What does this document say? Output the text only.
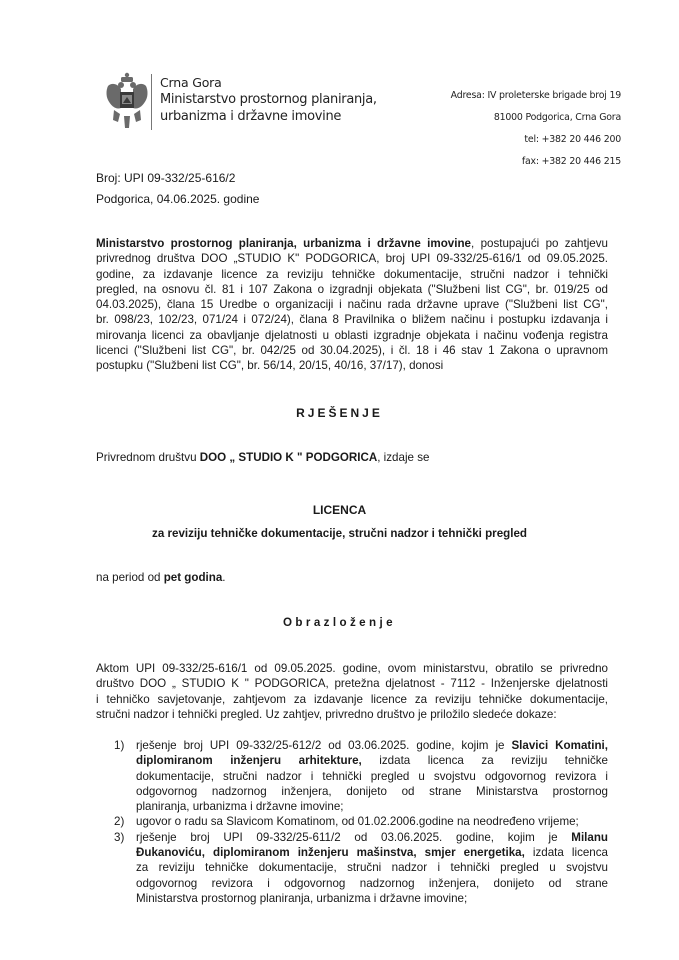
Crna Gora
Ministarstvo prostornog planiranja,
urbanizma i državne imovine
Adresa: IV proleterske brigade broj 19
81000 Podgorica, Crna Gora
tel: +382 20 446 200
fax: +382 20 446 215
Broj: UPI 09-332/25-616/2
Podgorica, 04.06.2025. godine
Ministarstvo prostornog planiranja, urbanizma i državne imovine, postupajući po zahtjevu
privrednog društva DOO „STUDIO K" PODGORICA, broj UPI 09-332/25-616/1 od 09.05.2025.
godine, za izdavanje licence za reviziju tehničke dokumentacije, stručni nadzor i tehnički
pregled, na osnovu čl. 81 i 107 Zakona o izgradnji objekata ("Službeni list CG", br. 019/25 od
04.03.2025), člana 15 Uredbe o organizaciji i načinu rada državne uprave ("Službeni list CG",
br. 098/23, 102/23, 071/24 i 072/24), člana 8 Pravilnika o bližem načinu i postupku izdavanja i
mirovanja licenci za obavljanje djelatnosti u oblasti izgradnje objekata i načinu vođenja registra
licenci ("Službeni list CG", br. 042/25 od 30.04.2025), i čl. 18 i 46 stav 1 Zakona o upravnom
postupku ("Službeni list CG", br. 56/14, 20/15, 40/16, 37/17), donosi
RJEŠENJE
Privrednom društvu DOO „ STUDIO K " PODGORICA, izdaje se
LICENCA
za reviziju tehničke dokumentacije, stručni nadzor i tehnički pregled
na period od pet godina.
Obrazloženje
Aktom UPI 09-332/25-616/1 od 09.05.2025. godine, ovom ministarstvu, obratilo se privredno
društvo DOO „ STUDIO K " PODGORICA, pretežna djelatnost - 7112 - Inženjerske djelatnosti
i tehničko savjetovanje, zahtjevom za izdavanje licence za reviziju tehničke dokumentacije,
stručni nadzor i tehnički pregled. Uz zahtjev, privredno društvo je priložilo sledeće dokaze:
1) rješenje broj UPI 09-332/25-612/2 od 03.06.2025. godine, kojim je Slavici Komatini,
diplomiranom inženjeru arhitekture, izdata licenca za reviziju tehničke
dokumentacije, stručni nadzor i tehnički pregled u svojstvu odgovornog revizora i
odgovornog nadzornog inženjera, donijeto od strane Ministarstva prostornog
planiranja, urbanizma i državne imovine;
2) ugovor o radu sa Slavicom Komatinom, od 01.02.2006.godine na neodređeno vrijeme;
3) rješenje broj UPI 09-332/25-611/2 od 03.06.2025. godine, kojim je Milanu
Đukanoviću, diplomiranom inženjeru mašinstva, smjer energetika, izdata licenca
za reviziju tehničke dokumentacije, stručni nadzor i tehnički pregled u svojstvu
odgovornog revizora i odgovornog nadzornog inženjera, donijeto od strane
Ministarstva prostornog planiranja, urbanizma i državne imovine;
